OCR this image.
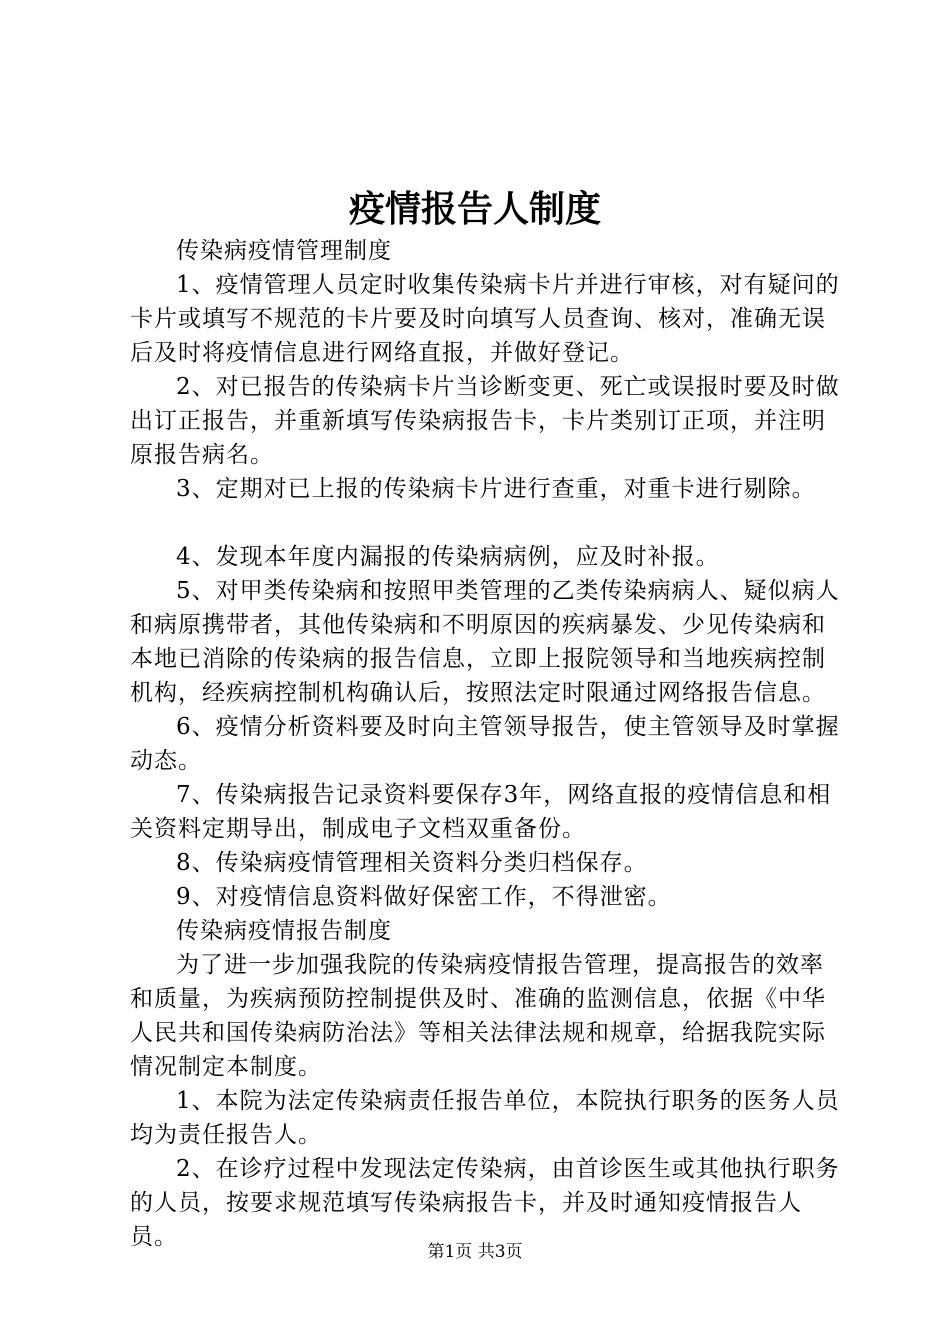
疫情报告人制度

传染病疫情管理制度

1、疫情管理人员定时收集传染病卡片并进行审核，对有疑问的卡片或填写不规范的卡片要及时向填写人员查询、核对，准确无误后及时将疫情信息进行网络直报，并做好登记。

2、对已报告的传染病卡片当诊断变更、死亡或误报时要及时做出订正报告，并重新填写传染病报告卡，卡片类别订正项，并注明原报告病名。

3、定期对已上报的传染病卡片进行查重，对重卡进行剔除。

4、发现本年度内漏报的传染病病例，应及时补报。

5、对甲类传染病和按照甲类管理的乙类传染病病人、疑似病人和病原携带者，其他传染病和不明原因的疾病暴发、少见传染病和本地已消除的传染病的报告信息，立即上报院领导和当地疾病控制机构，经疾病控制机构确认后，按照法定时限通过网络报告信息。

6、疫情分析资料要及时向主管领导报告，使主管领导及时掌握动态。

7、传染病报告记录资料要保存3年，网络直报的疫情信息和相关资料定期导出，制成电子文档双重备份。

8、传染病疫情管理相关资料分类归档保存。

9、对疫情信息资料做好保密工作，不得泄密。

传染病疫情报告制度

为了进一步加强我院的传染病疫情报告管理，提高报告的效率和质量，为疾病预防控制提供及时、准确的监测信息，依据《中华人民共和国传染病防治法》等相关法律法规和规章，给据我院实际情况制定本制度。

1、本院为法定传染病责任报告单位，本院执行职务的医务人员均为责任报告人。

2、在诊疗过程中发现法定传染病，由首诊医生或其他执行职务的人员，按要求规范填写传染病报告卡，并及时通知疫情报告人员。

第1页 共3页
